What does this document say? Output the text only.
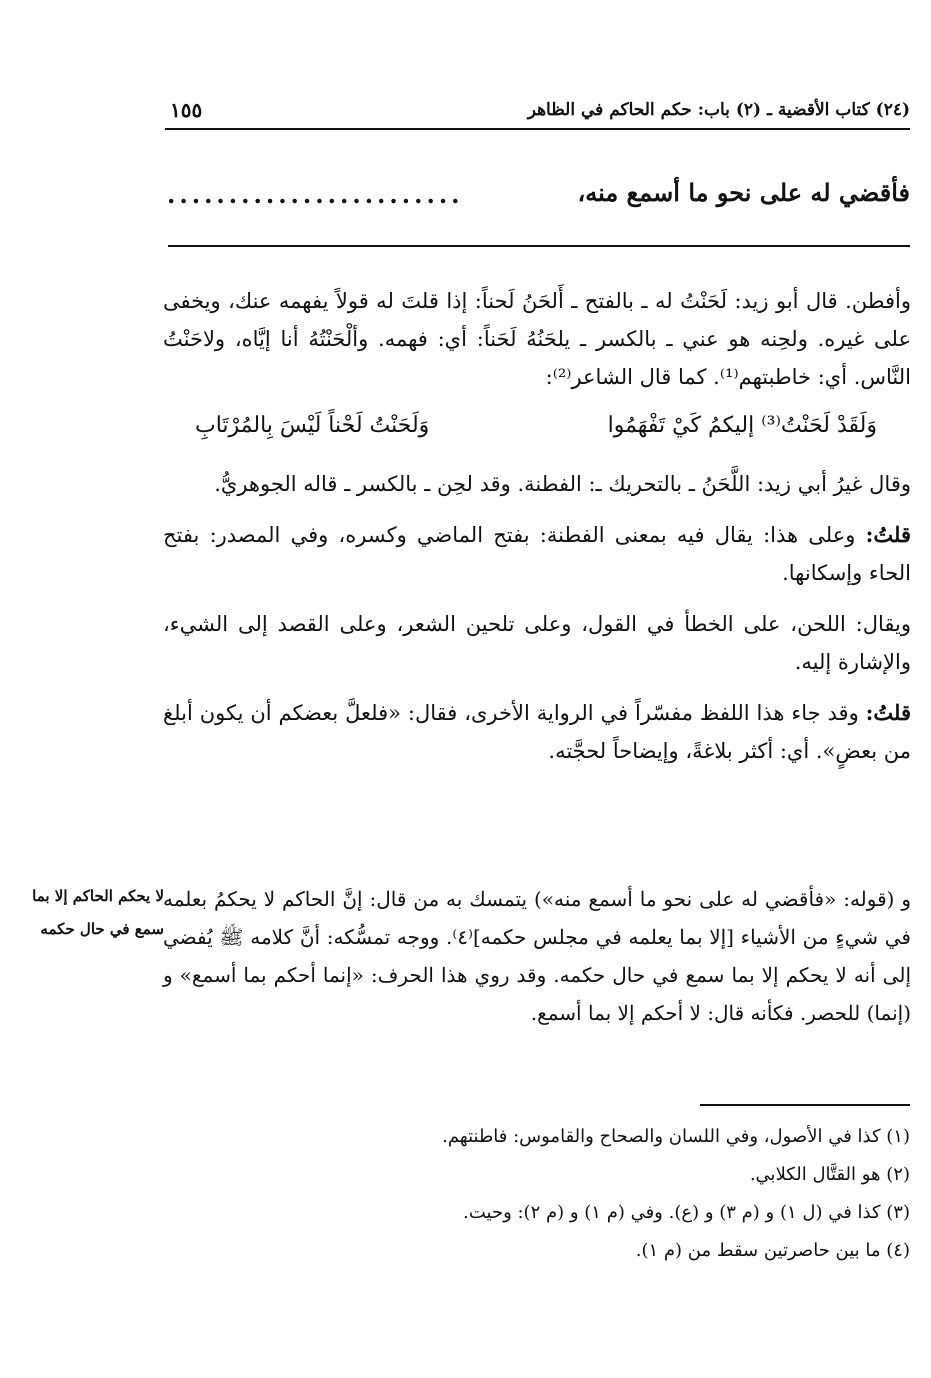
(٢٤) كتاب الأقضية ـ (٢) باب: حكم الحاكم في الظاهر
١٥٥
فأقضي له على نحو ما أسمع منه،
........................

وأفطن. قال أبو زيد: لَحَنْتُ له ـ بالفتح ـ أَلحَنُ لَحناً: إذا قلتَ له قولاً يفهمه عنك، ويخفى على غيره. ولحِنه هو عني ـ بالكسر ـ يلحَنُهُ لَحَناً: أي: فهمه. وألْحَنْتُهُ أنا إيَّاه، ولاحَنْتُ النَّاس. أي: خاطبتهم⁽¹⁾. كما قال الشاعر⁽²⁾:

وَلَقَدْ لَحَنْتُ⁽³⁾ إليكمُ كَيْ تَفْهَمُوا
وَلَحَنْتُ لَحْناً لَيْسَ بِالمُرْتَابِ

وقال غيرُ أبي زيد: اللَّحَنُ ـ بالتحريك ـ: الفطنة. وقد لحِن ـ بالكسر ـ قاله الجوهريُّ.

قلتُ: وعلى هذا: يقال فيه بمعنى الفطنة: بفتح الماضي وكسره، وفي المصدر: بفتح الحاء وإسكانها.

ويقال: اللحن، على الخطأ في القول، وعلى تلحين الشعر، وعلى القصد إلى الشيء، والإشارة إليه.

قلتُ: وقد جاء هذا اللفظ مفسّراً في الرواية الأخرى، فقال: «فلعلَّ بعضكم أن يكون أبلغ من بعضٍ». أي: أكثر بلاغةً، وإيضاحاً لحجَّته.

لا يحكم الحاكم إلا بما سمع في حال حكمه
و (قوله: «فأقضي له على نحو ما أسمع منه») يتمسك به من قال: إنَّ الحاكم لا يحكمُ بعلمه في شيءٍ من الأشياء [إلا بما يعلمه في مجلس حكمه]⁽٤⁾. ووجه تمسُّكه: أنَّ كلامه ﷺ يُفضي إلى أنه لا يحكم إلا بما سمع في حال حكمه. وقد روي هذا الحرف: «إنما أحكم بما أسمع» و (إنما) للحصر. فكأنه قال: لا أحكم إلا بما أسمع.

(١) كذا في الأصول، وفي اللسان والصحاح والقاموس: فاطنتهم.

(٢) هو القتَّال الكلابي.

(٣) كذا في (ل ١) و (م ٣) و (ع). وفي (م ١) و (م ٢): وحيت.

(٤) ما بين حاصرتين سقط من (م ١).
